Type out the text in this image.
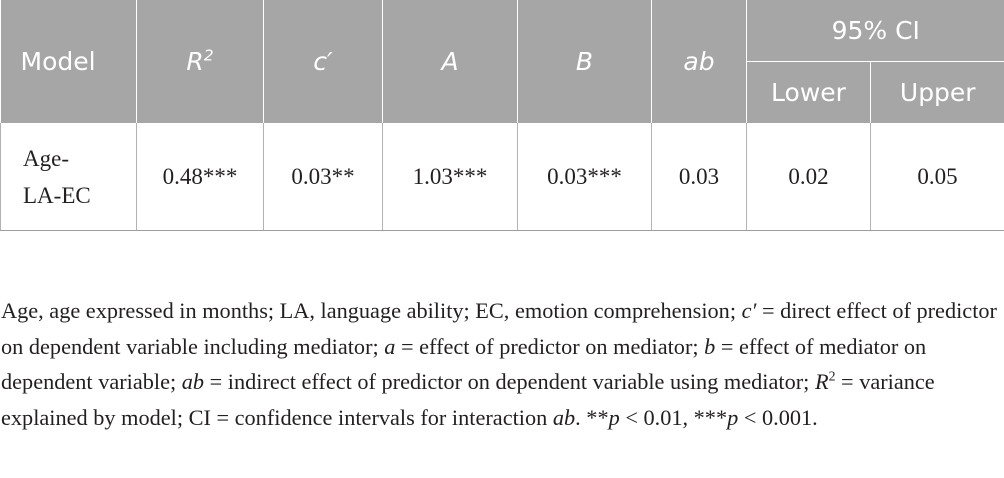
Model	$R^2$	c′	A	B	ab	95% CI	
						Lower	Upper

Age-
LA-EC	0.48***	0.03**	1.03***	0.03***	0.03	0.02	0.05

Age, age expressed in months; LA, language ability; EC, emotion comprehension; c′ = direct effect of predictor on dependent variable including mediator; a = effect of predictor on mediator; b = effect of mediator on dependent variable; ab = indirect effect of predictor on dependent variable using mediator; $R^2$ = variance explained by model; CI = confidence intervals for interaction ab. **p < 0.01, ***p < 0.001.
